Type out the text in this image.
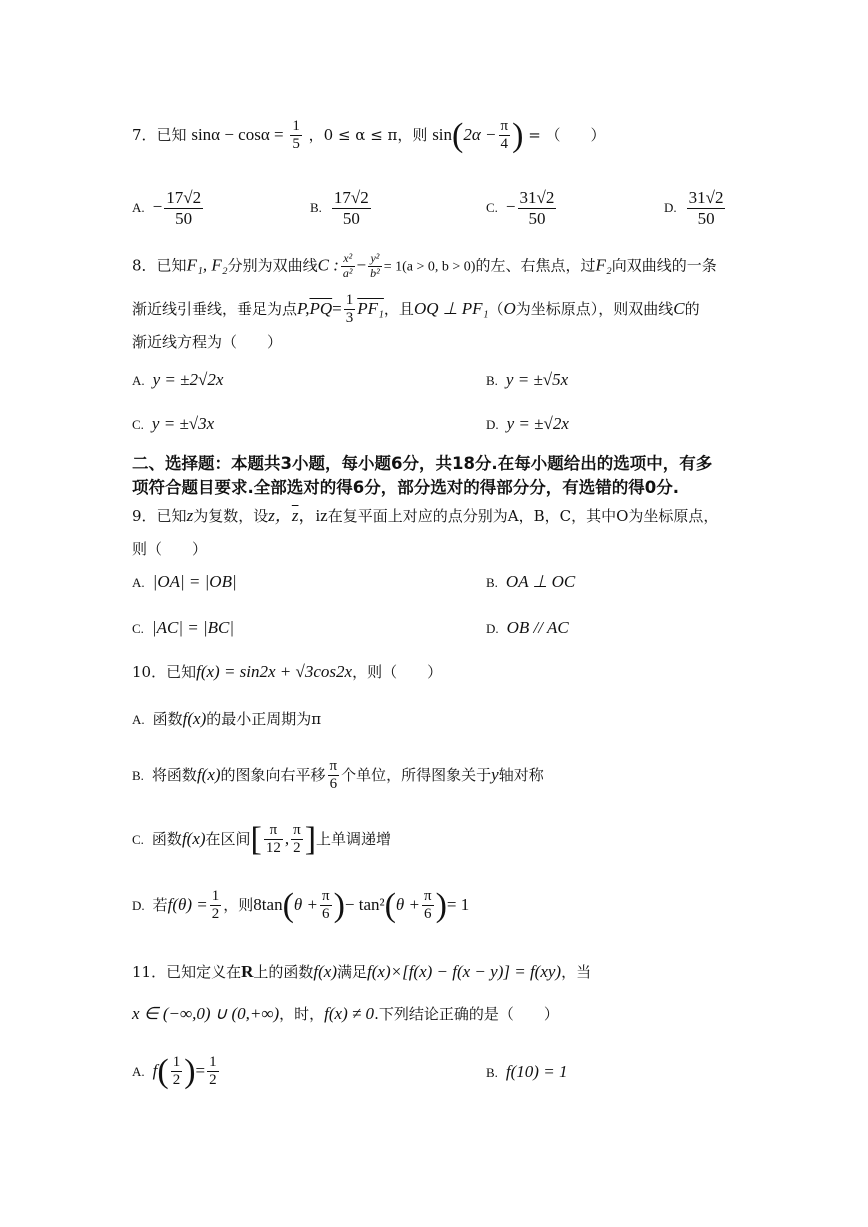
7．已知 $\sin\alpha - \cos\alpha = \frac{1}{5}$ ，0 ≤ α ≤ π，则 $\sin(2\alpha - \frac{\pi}{4}$ ) = （　　）
A. − $\frac{17√2}{50}$	B. $\frac{17√2}{50}$	C. − $\frac{31√2}{50}$	D. $\frac{31√2}{50}$
8．已知F₁, F₂分别为双曲线C : $\frac{\text{x²}}{\text{a²}} - \frac{\text{y²}}{\text{b²}} = 1(a > 0$, b > 0)的左、右焦点，过F₂向双曲线的一条
渐近线引垂线，垂足为点$P,\overline{PQ}= \frac{1}{3} PF_1$，且OQ ⊥ PF₁（O为坐标原点），则双曲线C的
渐近线方程为（　　）
A. y = ±2√2x	B. y = ±√5x
C. y = ±√3x	D. y = ±√2x
二、选择题：本题共3小题，每小题6分，共18分.在每小题给出的选项中，有多
项符合题目要求.全部选对的得6分，部分选对的得部分分，有选错的得0分.
9．已知z为复数，设z，$\overline{z}$，iz在复平面上对应的点分别为A，B，C，其中O为坐标原点，
则（　　）
A. |OA| = |OB|	B. OA ⊥ OC
C. |AC| = |BC|	D. OB // AC
10．已知f(x) = sin2x + √3cos2x，则（　　）
A. 函数f(x)的最小正周期为π
B. 将函数f(x)的图象向右平移 $\frac{\pi}{6}$ 个单位，所得图象关于y轴对称
C. 函数f(x)在区间[ $\frac{\pi}{12}$ , $\frac{\pi}{2}$ ]上单调递增
D. 若$f(\theta) = \frac{1}{2}$ ，则$8\tan(\theta + \frac{\pi}{6}$ )− $\tan^2(\theta + \frac{\pi}{6}$ )= 1
11．已知定义在R上的函数f(x)满足f(x)×[f(x) − f(x − y)] = f(xy)，当
x ∈ (−∞,0) ∪ (0,+∞)，时，f(x) ≠ 0.下列结论正确的是（　　）
A. $f( \frac{1}{2}$ )= $\frac{1}{2}$	B. f(10) = 1
